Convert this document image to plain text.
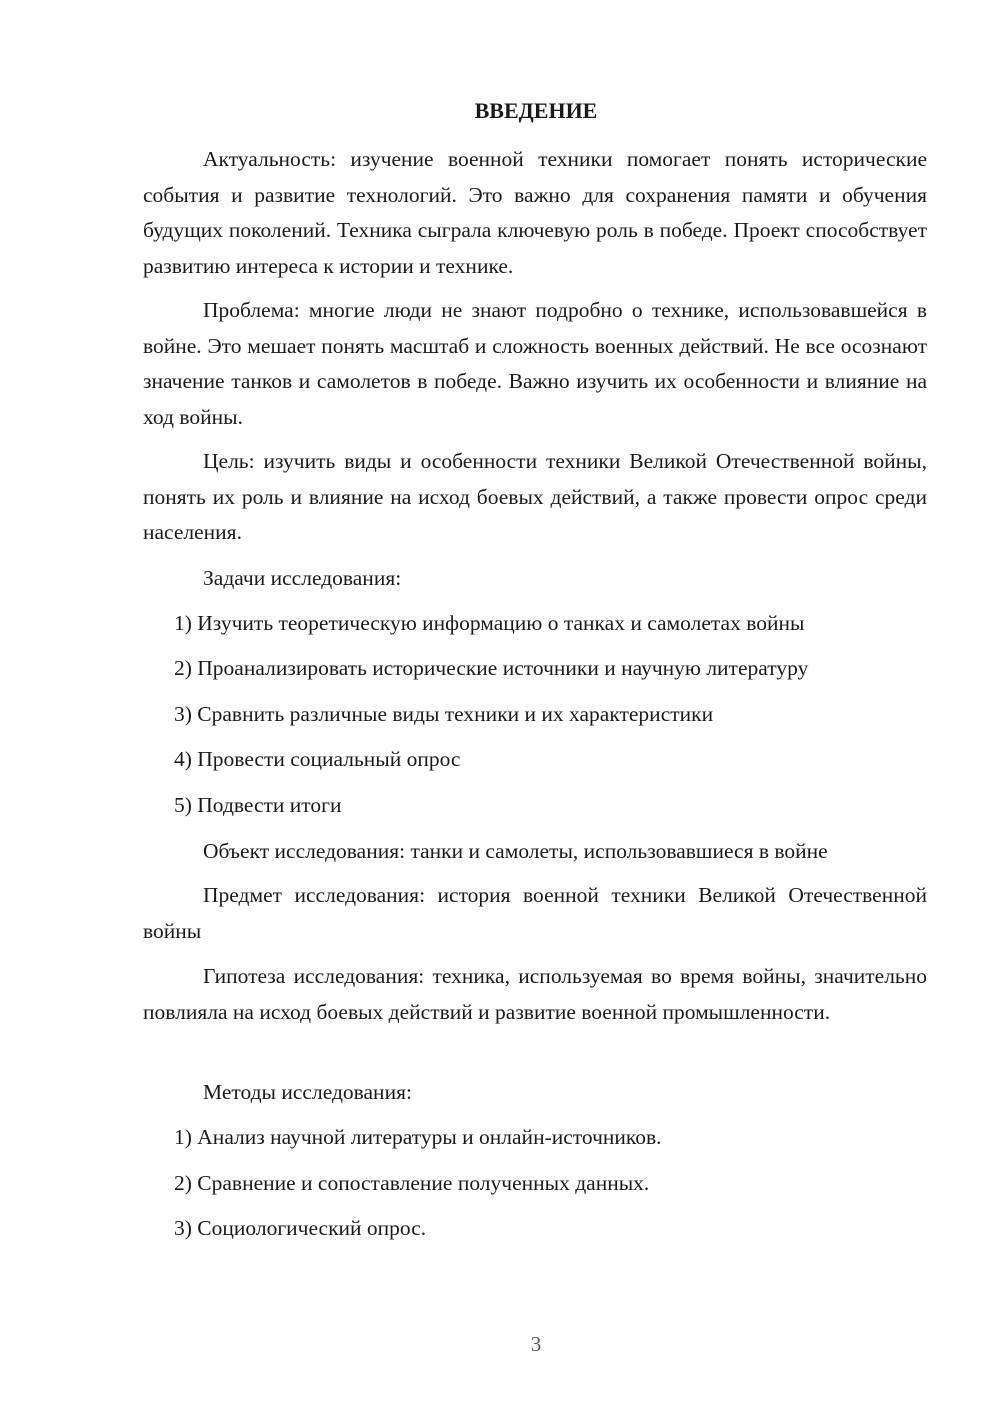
ВВЕДЕНИЕ
Актуальность: изучение военной техники помогает понять исторические события и развитие технологий. Это важно для сохранения памяти и обучения будущих поколений. Техника сыграла ключевую роль в победе. Проект способствует развитию интереса к истории и технике.
Проблема: многие люди не знают подробно о технике, использовавшейся в войне. Это мешает понять масштаб и сложность военных действий. Не все осознают значение танков и самолетов в победе. Важно изучить их особенности и влияние на ход войны.
Цель: изучить виды и особенности техники Великой Отечественной войны, понять их роль и влияние на исход боевых действий, а также провести опрос среди населения.
Задачи исследования:
1) Изучить теоретическую информацию о танках и самолетах войны
2) Проанализировать исторические источники и научную литературу
3) Сравнить различные виды техники и их характеристики
4) Провести социальный опрос
5) Подвести итоги
Объект исследования: танки и самолеты, использовавшиеся в войне
Предмет исследования: история военной техники Великой Отечественной войны
Гипотеза исследования: техника, используемая во время войны, значительно повлияла на исход боевых действий и развитие военной промышленности.
Методы исследования:
1) Анализ научной литературы и онлайн-источников.
2) Сравнение и сопоставление полученных данных.
3) Социологический опрос.
3
